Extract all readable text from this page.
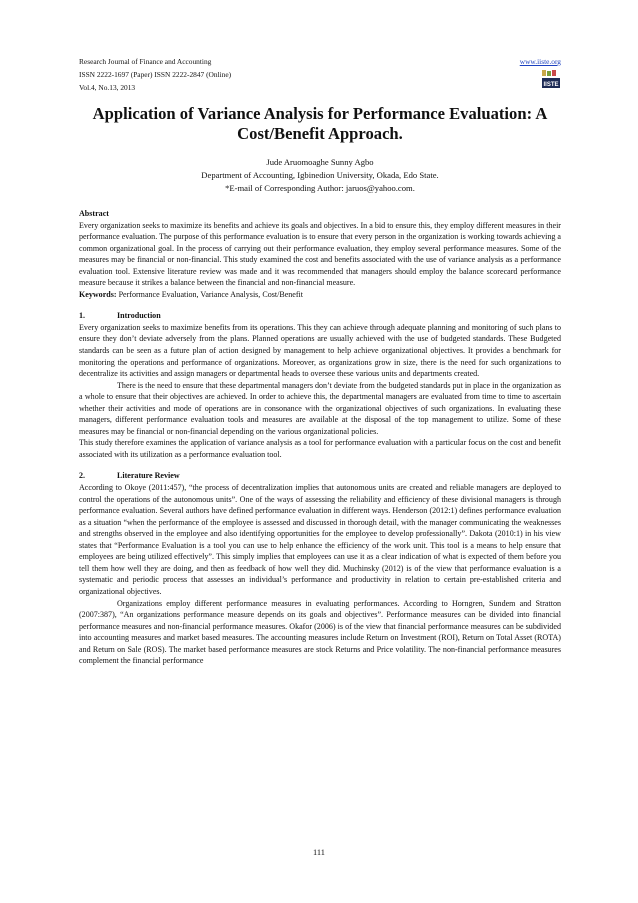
Research Journal of Finance and Accounting
ISSN 2222-1697 (Paper) ISSN 2222-2847 (Online)
Vol.4, No.13, 2013
www.iiste.org
IISTE
Application of Variance Analysis for Performance Evaluation: A
Cost/Benefit Approach.
Jude Aruomoaghe Sunny Agbo
Department of Accounting, Igbinedion University, Okada, Edo State.
*E-mail of Corresponding Author: jaruos@yahoo.com.

Abstract

Every organization seeks to maximize its benefits and achieve its goals and objectives. In a bid to ensure this, they employ different measures in their performance evaluation. The purpose of this performance evaluation is to ensure that every person in the organization is working towards achieving a common organizational goal. In the process of carrying out their performance evaluation, they employ several performance measures. Some of the measures may be financial or non-financial. This study examined the cost and benefits associated with the use of variance analysis as a performance evaluation tool. Extensive literature review was made and it was recommended that managers should employ the balance scorecard performance measure because it strikes a balance between the financial and non-financial measure.

Keywords: Performance Evaluation, Variance Analysis, Cost/Benefit

1.	Introduction

Every organization seeks to maximize benefits from its operations. This they can achieve through adequate planning and monitoring of such plans to ensure they don’t deviate adversely from the plans. Planned operations are usually achieved with the use of budgeted standards. These Budgeted standards can be seen as a future plan of action designed by management to help achieve organizational objectives. It provides a benchmark for monitoring the operations and performance of organizations. Moreover, as organizations grow in size, there is the need for such organizations to decentralize its activities and assign managers or departmental heads to oversee these various units and departments created.

There is the need to ensure that these departmental managers don’t deviate from the budgeted standards put in place in the organization as a whole to ensure that their objectives are achieved. In order to achieve this, the departmental managers are evaluated from time to time to ascertain whether their activities and mode of operations are in consonance with the organizational objectives of such organizations. In evaluating these managers, different performance evaluation tools and measures are available at the disposal of the top management to utilize. Some of these measures may be financial or non-financial depending on the various organizational policies.

This study therefore examines the application of variance analysis as a tool for performance evaluation with a particular focus on the cost and benefit associated with its utilization as a performance evaluation tool.

2.	Literature Review

According to Okoye (2011:457), “the process of decentralization implies that autonomous units are created and reliable managers are deployed to control the operations of the autonomous units”. One of the ways of assessing the reliability and efficiency of these divisional managers is through performance evaluation. Several authors have defined performance evaluation in different ways. Henderson (2012:1) defines performance evaluation as a situation “when the performance of the employee is assessed and discussed in thorough detail, with the manager communicating the weaknesses and strengths observed in the employee and also identifying opportunities for the employee to develop professionally”. Dakota (2010:1) in his view states that “Performance Evaluation is a tool you can use to help enhance the efficiency of the work unit. This tool is a means to help ensure that employees are being utilized effectively”. This simply implies that employees can use it as a clear indication of what is expected of them before you tell them how well they are doing, and then as feedback of how well they did. Muchinsky (2012) is of the view that performance evaluation is a systematic and periodic process that assesses an individual’s performance and productivity in relation to certain pre-established criteria and organizational objectives.

Organizations employ different performance measures in evaluating performances. According to Horngren, Sundem and Stratton (2007:387), “An organizations performance measure depends on its goals and objectives”. Performance measures can be divided into financial performance measures and non-financial performance measures. Okafor (2006) is of the view that financial performance measures can be subdivided into accounting measures and market based measures. The accounting measures include Return on Investment (ROI), Return on Total Asset (ROTA) and Return on Sale (ROS). The market based performance measures are stock Returns and Price volatility. The non-financial performance measures complement the financial performance

111
